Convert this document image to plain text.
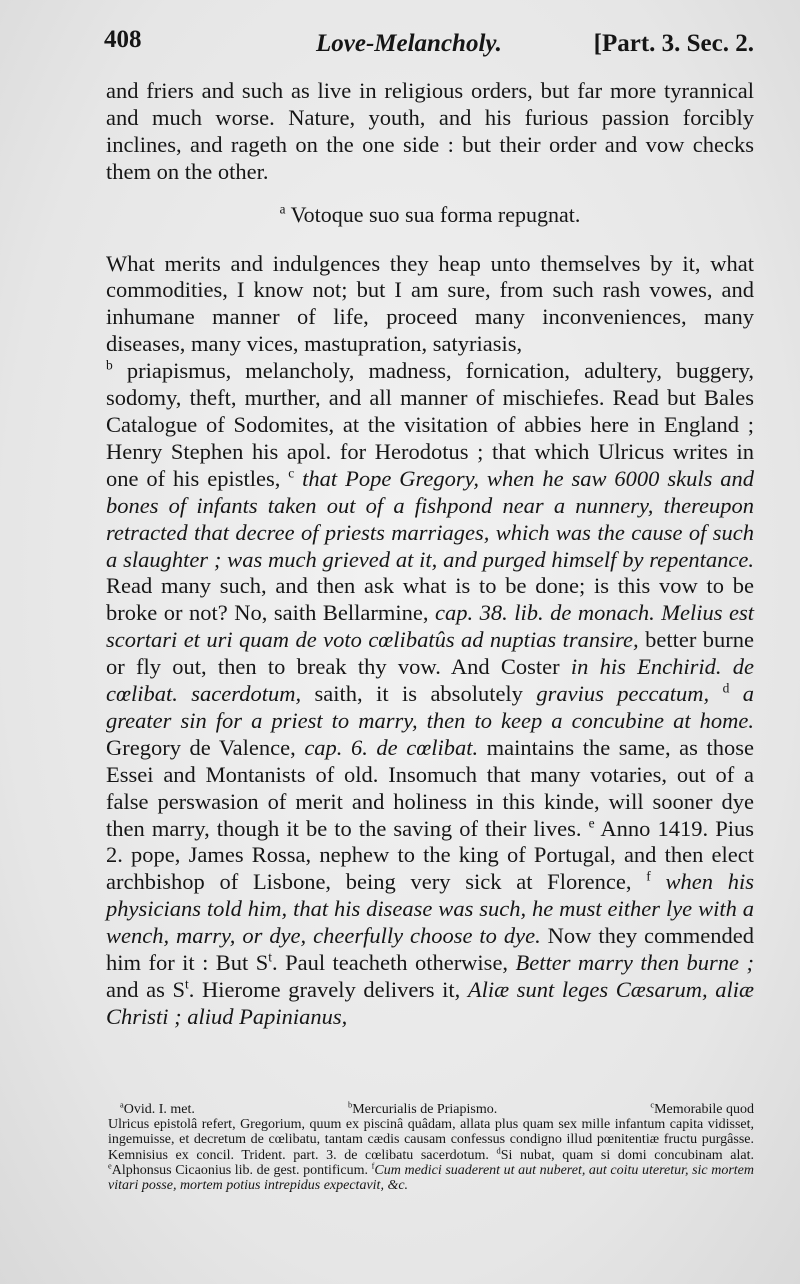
408	Love-Melancholy.	[Part. 3. Sec. 2.

and friers and such as live in religious orders, but far more tyrannical and much worse. Nature, youth, and his furious passion forcibly inclines, and rageth on the one side : but their order and vow checks them on the other.

$^a$ Votoque suo sua forma repugnat.

What merits and indulgences they heap unto themselves by it, what commodities, I know not; but I am sure, from such rash vowes, and inhumane manner of life, proceed many inconveniences, many diseases, many vices, mastupration, satyriasis,
$^b$ priapismus, melancholy, madness, fornication, adultery, buggery, sodomy, theft, murther, and all manner of mischiefes. Read but Bales Catalogue of Sodomites, at the visitation of abbies here in England ; Henry Stephen his apol. for Herodotus ; that which Ulricus writes in one of his epistles, $^c$ that Pope Gregory, when he saw 6000 skuls and bones of infants taken out of a fishpond near a nunnery, thereupon retracted that decree of priests marriages, which was the cause of such a slaughter ; was much grieved at it, and purged himself by repentance. Read many such, and then ask what is to be done; is this vow to be broke or not? No, saith Bellarmine, cap. 38. lib. de monach. Melius est scortari et uri quam de voto cœlibatûs ad nuptias transire, better burne or fly out, then to break thy vow. And Coster in his Enchirid. de cœlibat. sacerdotum, saith, it is absolutely gravius peccatum, $^d$ a greater sin for a priest to marry, then to keep a concubine at home. Gregory de Valence, cap. 6. de cœlibat. maintains the same, as those Essei and Montanists of old. Insomuch that many votaries, out of a false perswasion of merit and holiness in this kinde, will sooner dye then marry, though it be to the saving of their lives. $^e$ Anno 1419. Pius 2. pope, James Rossa, nephew to the king of Portugal, and then elect archbishop of Lisbone, being very sick at Florence, $^f$ when his physicians told him, that his disease was such, he must either lye with a wench, marry, or dye, cheerfully choose to dye. Now they commended him for it : But $S^t$. Paul teacheth otherwise, Better marry then burne ; and as $S^t$. Hierome gravely delivers it, Aliæ sunt leges Cæsarum, aliæ Christi ; aliud Papinianus,

$^a$Ovid. I. met.	$^b$Mercurialis de Priapismo.	$^c$Memorabile quod

Ulricus epistolâ refert, Gregorium, quum ex piscinâ quâdam, allata plus quam sex mille infantum capita vidisset, ingemuisse, et decretum de cœlibatu, tantam cædis causam confessus condigno illud pœnitentiæ fructu purgâsse. Kemnisius ex concil. Trident. part. 3. de cœlibatu sacerdotum. $^d$Si nubat, quam si domi concubinam alat. $^e$Alphonsus Cicaonius lib. de gest. pontificum. $^f$Cum medici suaderent ut aut nuberet, aut coitu uteretur, sic mortem vitari posse, mortem potius intrepidus expectavit, &c.
